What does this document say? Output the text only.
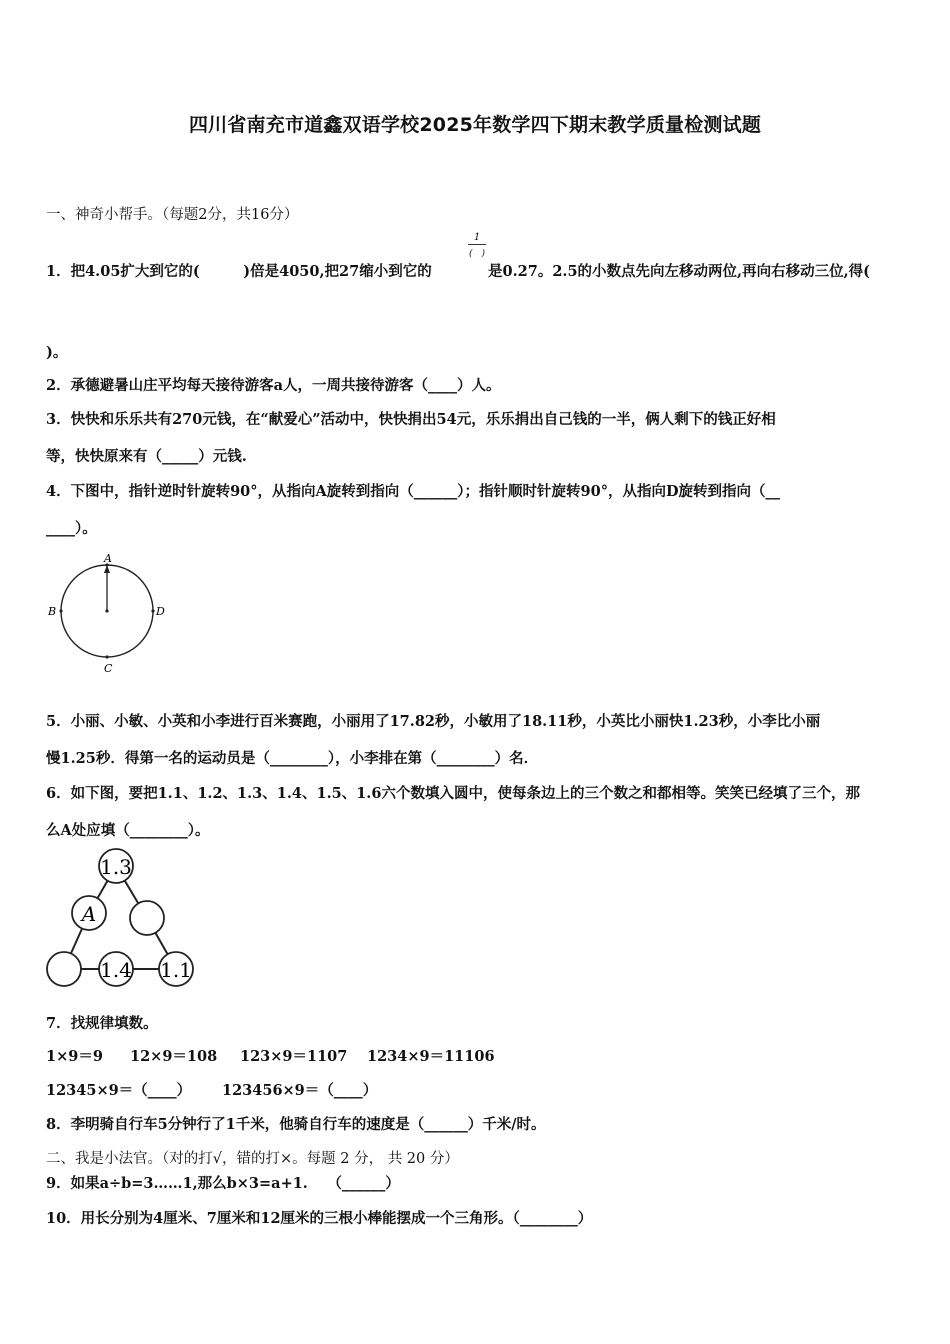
四川省南充市道鑫双语学校2025年数学四下期末教学质量检测试题
一、神奇小帮手。（每题2分，共16分）
1．把4.05扩大到它的(　　　)倍是4050,把27缩小到它的
1
(　)
是0.27。2.5的小数点先向左移动两位,再向右移动三位,得(
)。
2．承德避暑山庄平均每天接待游客a人，一周共接待游客（____）人。
3．快快和乐乐共有270元钱，在“献爱心”活动中，快快捐出54元，乐乐捐出自己钱的一半，俩人剩下的钱正好相
等，快快原来有（_____）元钱.
4．下图中，指针逆时针旋转90°，从指向A旋转到指向（______）；指针顺时针旋转90°，从指向D旋转到指向（__
____）。
A
B
C
D
5．小丽、小敏、小英和小李进行百米赛跑，小丽用了17.82秒，小敏用了18.11秒，小英比小丽快1.23秒，小李比小丽
慢1.25秒．得第一名的运动员是（________），小李排在第（________）名．
6．如下图，要把1.1、1.2、1.3、1.4、1.5、1.6六个数填入圆中，使每条边上的三个数之和都相等。笑笑已经填了三个，那
么A处应填（________）。
1.3
A
1.4 1.1
7．找规律填数。
1×9＝9 12×9＝108 123×9＝1107 1234×9＝11106
12345×9＝（____） 123456×9＝（____）
8．李明骑自行车5分钟行了1千米，他骑自行车的速度是（______）千米/时。
二、我是小法官。（对的打√，错的打×。每题 2 分， 共 20 分）
9．如果a÷b=3……1,那么b×3=a+1.　 （______）
10．用长分别为4厘米、7厘米和12厘米的三根小棒能摆成一个三角形。（________）
